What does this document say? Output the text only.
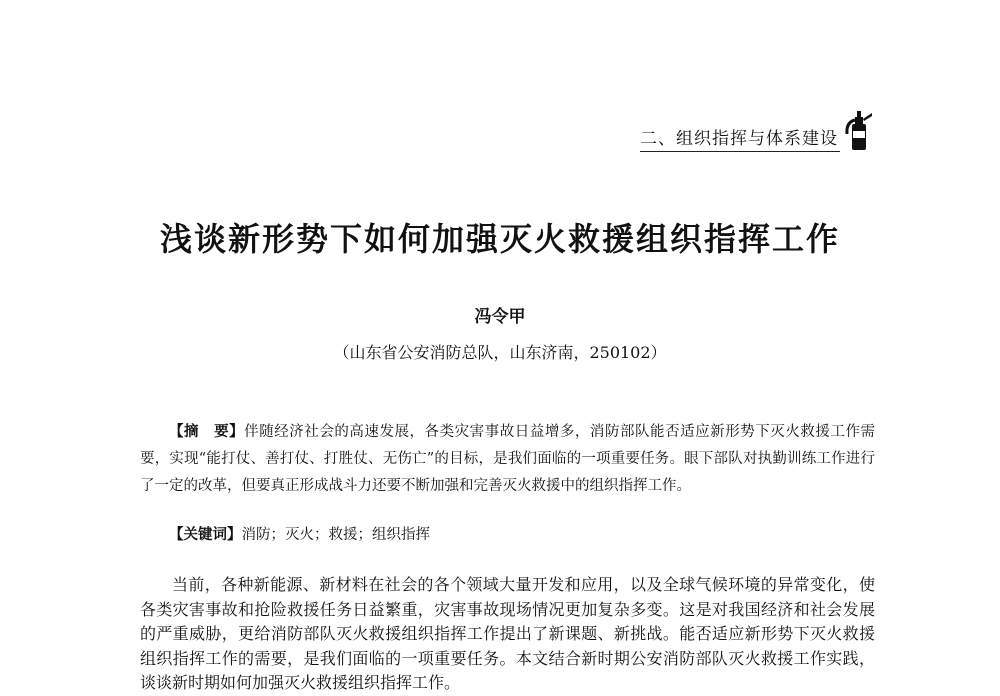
二、组织指挥与体系建设
浅谈新形势下如何加强灭火救援组织指挥工作
冯令甲
（山东省公安消防总队，山东济南，250102）

【摘　要】伴随经济社会的高速发展，各类灾害事故日益增多，消防部队能否适应新形势下灭火救援工作需要，实现“能打仗、善打仗、打胜仗、无伤亡”的目标，是我们面临的一项重要任务。眼下部队对执勤训练工作进行了一定的改革，但要真正形成战斗力还要不断加强和完善灭火救援中的组织指挥工作。

【关键词】消防；灭火；救援；组织指挥

当前，各种新能源、新材料在社会的各个领域大量开发和应用，以及全球气候环境的异常变化，使各类灾害事故和抢险救援任务日益繁重，灾害事故现场情况更加复杂多变。这是对我国经济和社会发展的严重威胁，更给消防部队灭火救援组织指挥工作提出了新课题、新挑战。能否适应新形势下灭火救援组织指挥工作的需要，是我们面临的一项重要任务。本文结合新时期公安消防部队灭火救援工作实践，谈谈新时期如何加强灭火救援组织指挥工作。
